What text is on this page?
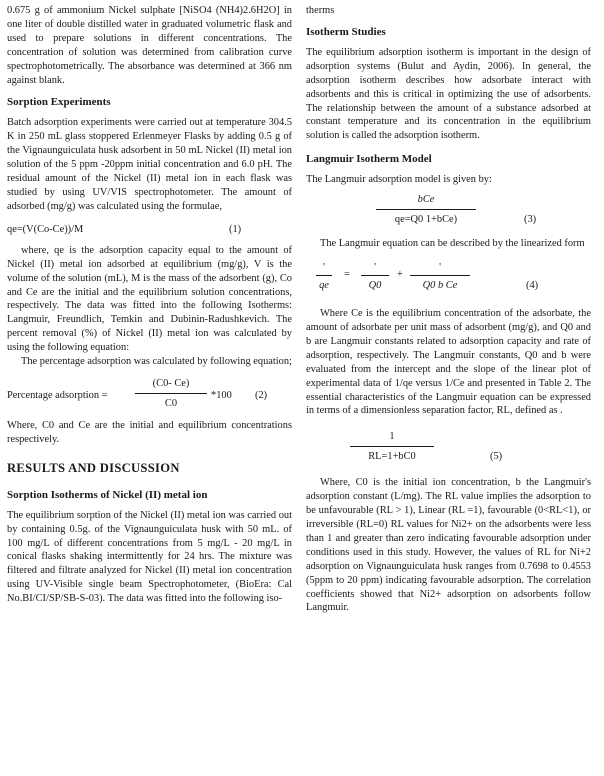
0.675 g of ammonium Nickel sulphate [NiSO4 (NH4)2.6H2O] in one liter of double distilled water in graduated volumetric flask and used to prepare solutions in different concentrations. The concentration of solution was determined from calibration curve spectrophotometrically. The absorbance was determined at 366 nm against blank.

Sorption Experiments

Batch adsorption experiments were carried out at temperature 304.5 K in 250 mL glass stoppered Erlenmeyer Flasks by adding 0.5 g of the Vignaunguiculata husk adsorbent in 50 mL Nickel (II) metal ion solution of the 5 ppm -20ppm initial concentration and 6.0 pH. The residual amount of the Nickel (II) metal ion in each flask was studied by using UV/VIS spectrophotometer. The amount of adsorbed (mg/g) was calculated using the formulae,

qe=(V(Co-Ce))/M	(1)

where, qe is the adsorption capacity equal to the amount of Nickel (II) metal ion adsorbed at equilibrium (mg/g), V is the volume of the solution (mL), M is the mass of the adsorbent (g), Co and Ce are the initial and the equilibrium solution concentrations, respectively. The data was fitted into the following Isotherms: Langmuir, Freundlich, Temkin and Dubinin-Radushkevich. The percent removal (%) of Nickel (II) metal ion was calculated by using the following equation:

The percentage adsorption was calculated by following equation;

Percentage adsorption =
(C0- Ce)
C0
*100 (2)

Where, C0 and Ce are the initial and equilibrium concentrations respectively.

RESULTS AND DISCUSSION
Sorption Isotherms of Nickel (II) metal ion

The equilibrium sorption of the Nickel (II) metal ion was carried out by containing 0.5g. of the Vignaunguiculata husk with 50 mL. of 100 mg/L of different concentrations from 5 mg/L - 20 mg/L in conical flasks shaking intermittently for 24 hrs. The mixture was filtered and filtrate analyzed for Nickel (II) metal ion concentration using UV-Visible single beam Spectrophotometer, (BioEra: Cal No.BI/CI/SP/SB-S-03). The data was fitted into the following iso-

therms

Isotherm Studies

The equilibrium adsorption isotherm is important in the design of adsorption systems (Bulut and Aydin, 2006). In general, the adsorption isotherm describes how adsorbate interact with adsorbents and this is critical in optimizing the use of adsorbents. The relationship between the amount of a substance adsorbed at constant temperature and its concentration in the equilibrium solution is called the adsorption isotherm.

Langmuir Isotherm Model

The Langmuir adsorption model is given by:

bCe
qe=Q0 1+bCe)	(3)

The Langmuir equation can be described by the linearized form

'
qe
=
'
Q0
+
'
Q0 b Ce	(4)

Where Ce is the equilibrium concentration of the adsorbate, the amount of adsorbate per unit mass of adsorbent (mg/g), and Q0 and b are Langmuir constants related to adsorption capacity and rate of adsorption, respectively. The Langmuir constants, Q0 and b were evaluated from the intercept and the slope of the linear plot of experimental data of 1/qe versus 1/Ce and presented in Table 2. The essential characteristics of the Langmuir equation can be expressed in terms of a dimensionless separation factor, RL, defined as .

1
RL=1+bC0	(5)

Where, C0 is the initial ion concentration, b the Langmuir's adsorption constant (L/mg). The RL value implies the adsorption to be unfavourable (RL > 1), Linear (RL =1), favourable (0<RL<1), or irreversible (RL=0) RL values for Ni2+ on the adsorbents were less than 1 and greater than zero indicating favourable adsorption under conditions used in this study. However, the values of RL for Ni+2 adsorption on Vignaunguiculata husk ranges from 0.7698 to 0.4553 (5ppm to 20 ppm) indicating favourable adsorption. The correlation coefficients showed that Ni2+ adsorption on adsorbents follow Langmuir.
